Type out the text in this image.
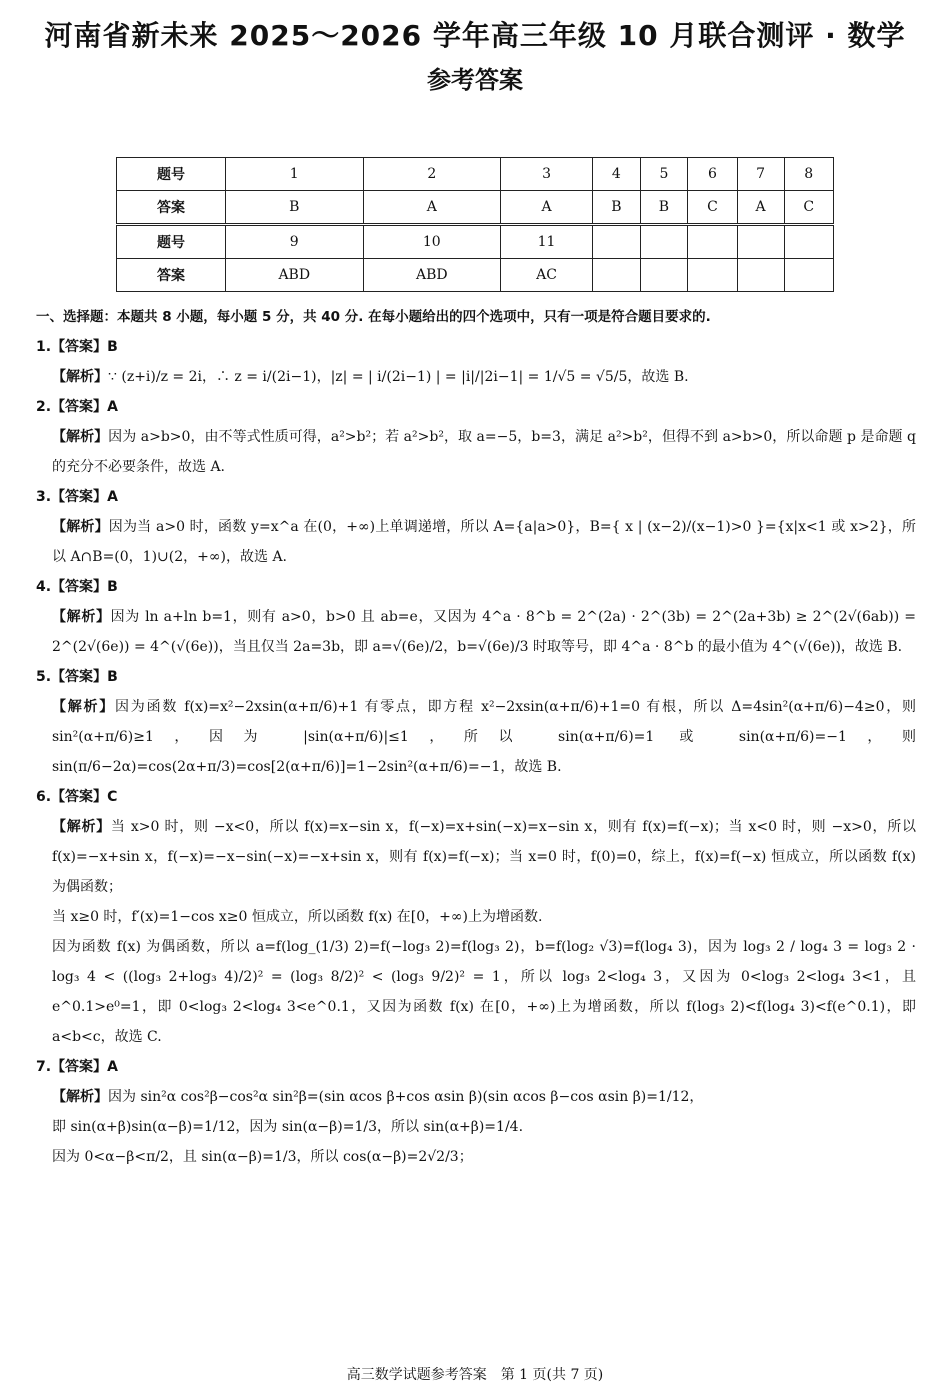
河南省新未来 2025～2026 学年高三年级 10 月联合测评 · 数学
参考答案
题号	1	2	3	4	5	6	7	8
答案	B	A	A	B	B	C	A	C
题号	9	10	11					
答案	ABD	ABD	AC					
一、选择题：本题共 8 小题，每小题 5 分，共 40 分. 在每小题给出的四个选项中，只有一项是符合题目要求的.
1.【答案】B
【解析】∵ (z+i)/z = 2i，∴ z = i/(2i−1)，|z| = | i/(2i−1) | = |i|/|2i−1| = 1/√5 = √5/5，故选 B.
2.【答案】A
【解析】因为 a>b>0，由不等式性质可得，a²>b²；若 a²>b²，取 a=−5，b=3，满足 a²>b²，但得不到 a>b>0，所以命题 p 是命题 q 的充分不必要条件，故选 A.
3.【答案】A
【解析】因为当 a>0 时，函数 y=x^a 在(0，+∞)上单调递增，所以 A={a|a>0}，B={ x | (x−2)/(x−1)>0 }={x|x<1 或 x>2}，所以 A∩B=(0，1)∪(2，+∞)，故选 A.
4.【答案】B
【解析】因为 ln a+ln b=1，则有 a>0，b>0 且 ab=e，又因为 4^a · 8^b = 2^(2a) · 2^(3b) = 2^(2a+3b) ≥ 2^(2√(6ab)) = 2^(2√(6e)) = 4^(√(6e))，当且仅当 2a=3b，即 a=√(6e)/2，b=√(6e)/3 时取等号，即 4^a · 8^b 的最小值为 4^(√(6e))，故选 B.
5.【答案】B
【解析】因为函数 f(x)=x²−2xsin(α+π/6)+1 有零点，即方程 x²−2xsin(α+π/6)+1=0 有根，所以 Δ=4sin²(α+π/6)−4≥0，则 sin²(α+π/6)≥1，因为 |sin(α+π/6)|≤1，所以 sin(α+π/6)=1 或 sin(α+π/6)=−1，则 sin(π/6−2α)=cos(2α+π/3)=cos[2(α+π/6)]=1−2sin²(α+π/6)=−1，故选 B.
6.【答案】C
【解析】当 x>0 时，则 −x<0，所以 f(x)=x−sin x，f(−x)=x+sin(−x)=x−sin x，则有 f(x)=f(−x)；当 x<0 时，则 −x>0，所以 f(x)=−x+sin x，f(−x)=−x−sin(−x)=−x+sin x，则有 f(x)=f(−x)；当 x=0 时，f(0)=0，综上，f(x)=f(−x) 恒成立，所以函数 f(x) 为偶函数；
当 x≥0 时，f′(x)=1−cos x≥0 恒成立，所以函数 f(x) 在[0，+∞)上为增函数.
因为函数 f(x) 为偶函数，所以 a=f(log_(1/3) 2)=f(−log₃ 2)=f(log₃ 2)，b=f(log₂ √3)=f(log₄ 3)，因为 log₃ 2 / log₄ 3 = log₃ 2 · log₃ 4 < ((log₃ 2+log₃ 4)/2)² = (log₃ 8/2)² < (log₃ 9/2)² = 1，所以 log₃ 2<log₄ 3，又因为 0<log₃ 2<log₄ 3<1，且 e^0.1>e⁰=1，即 0<log₃ 2<log₄ 3<e^0.1，又因为函数 f(x) 在[0，+∞)上为增函数，所以 f(log₃ 2)<f(log₄ 3)<f(e^0.1)，即 a<b<c，故选 C.
7.【答案】A
【解析】因为 sin²α cos²β−cos²α sin²β=(sin αcos β+cos αsin β)(sin αcos β−cos αsin β)=1/12，
即 sin(α+β)sin(α−β)=1/12，因为 sin(α−β)=1/3，所以 sin(α+β)=1/4.
因为 0<α−β<π/2，且 sin(α−β)=1/3，所以 cos(α−β)=2√2/3；
高三数学试题参考答案　第 1 页(共 7 页)
